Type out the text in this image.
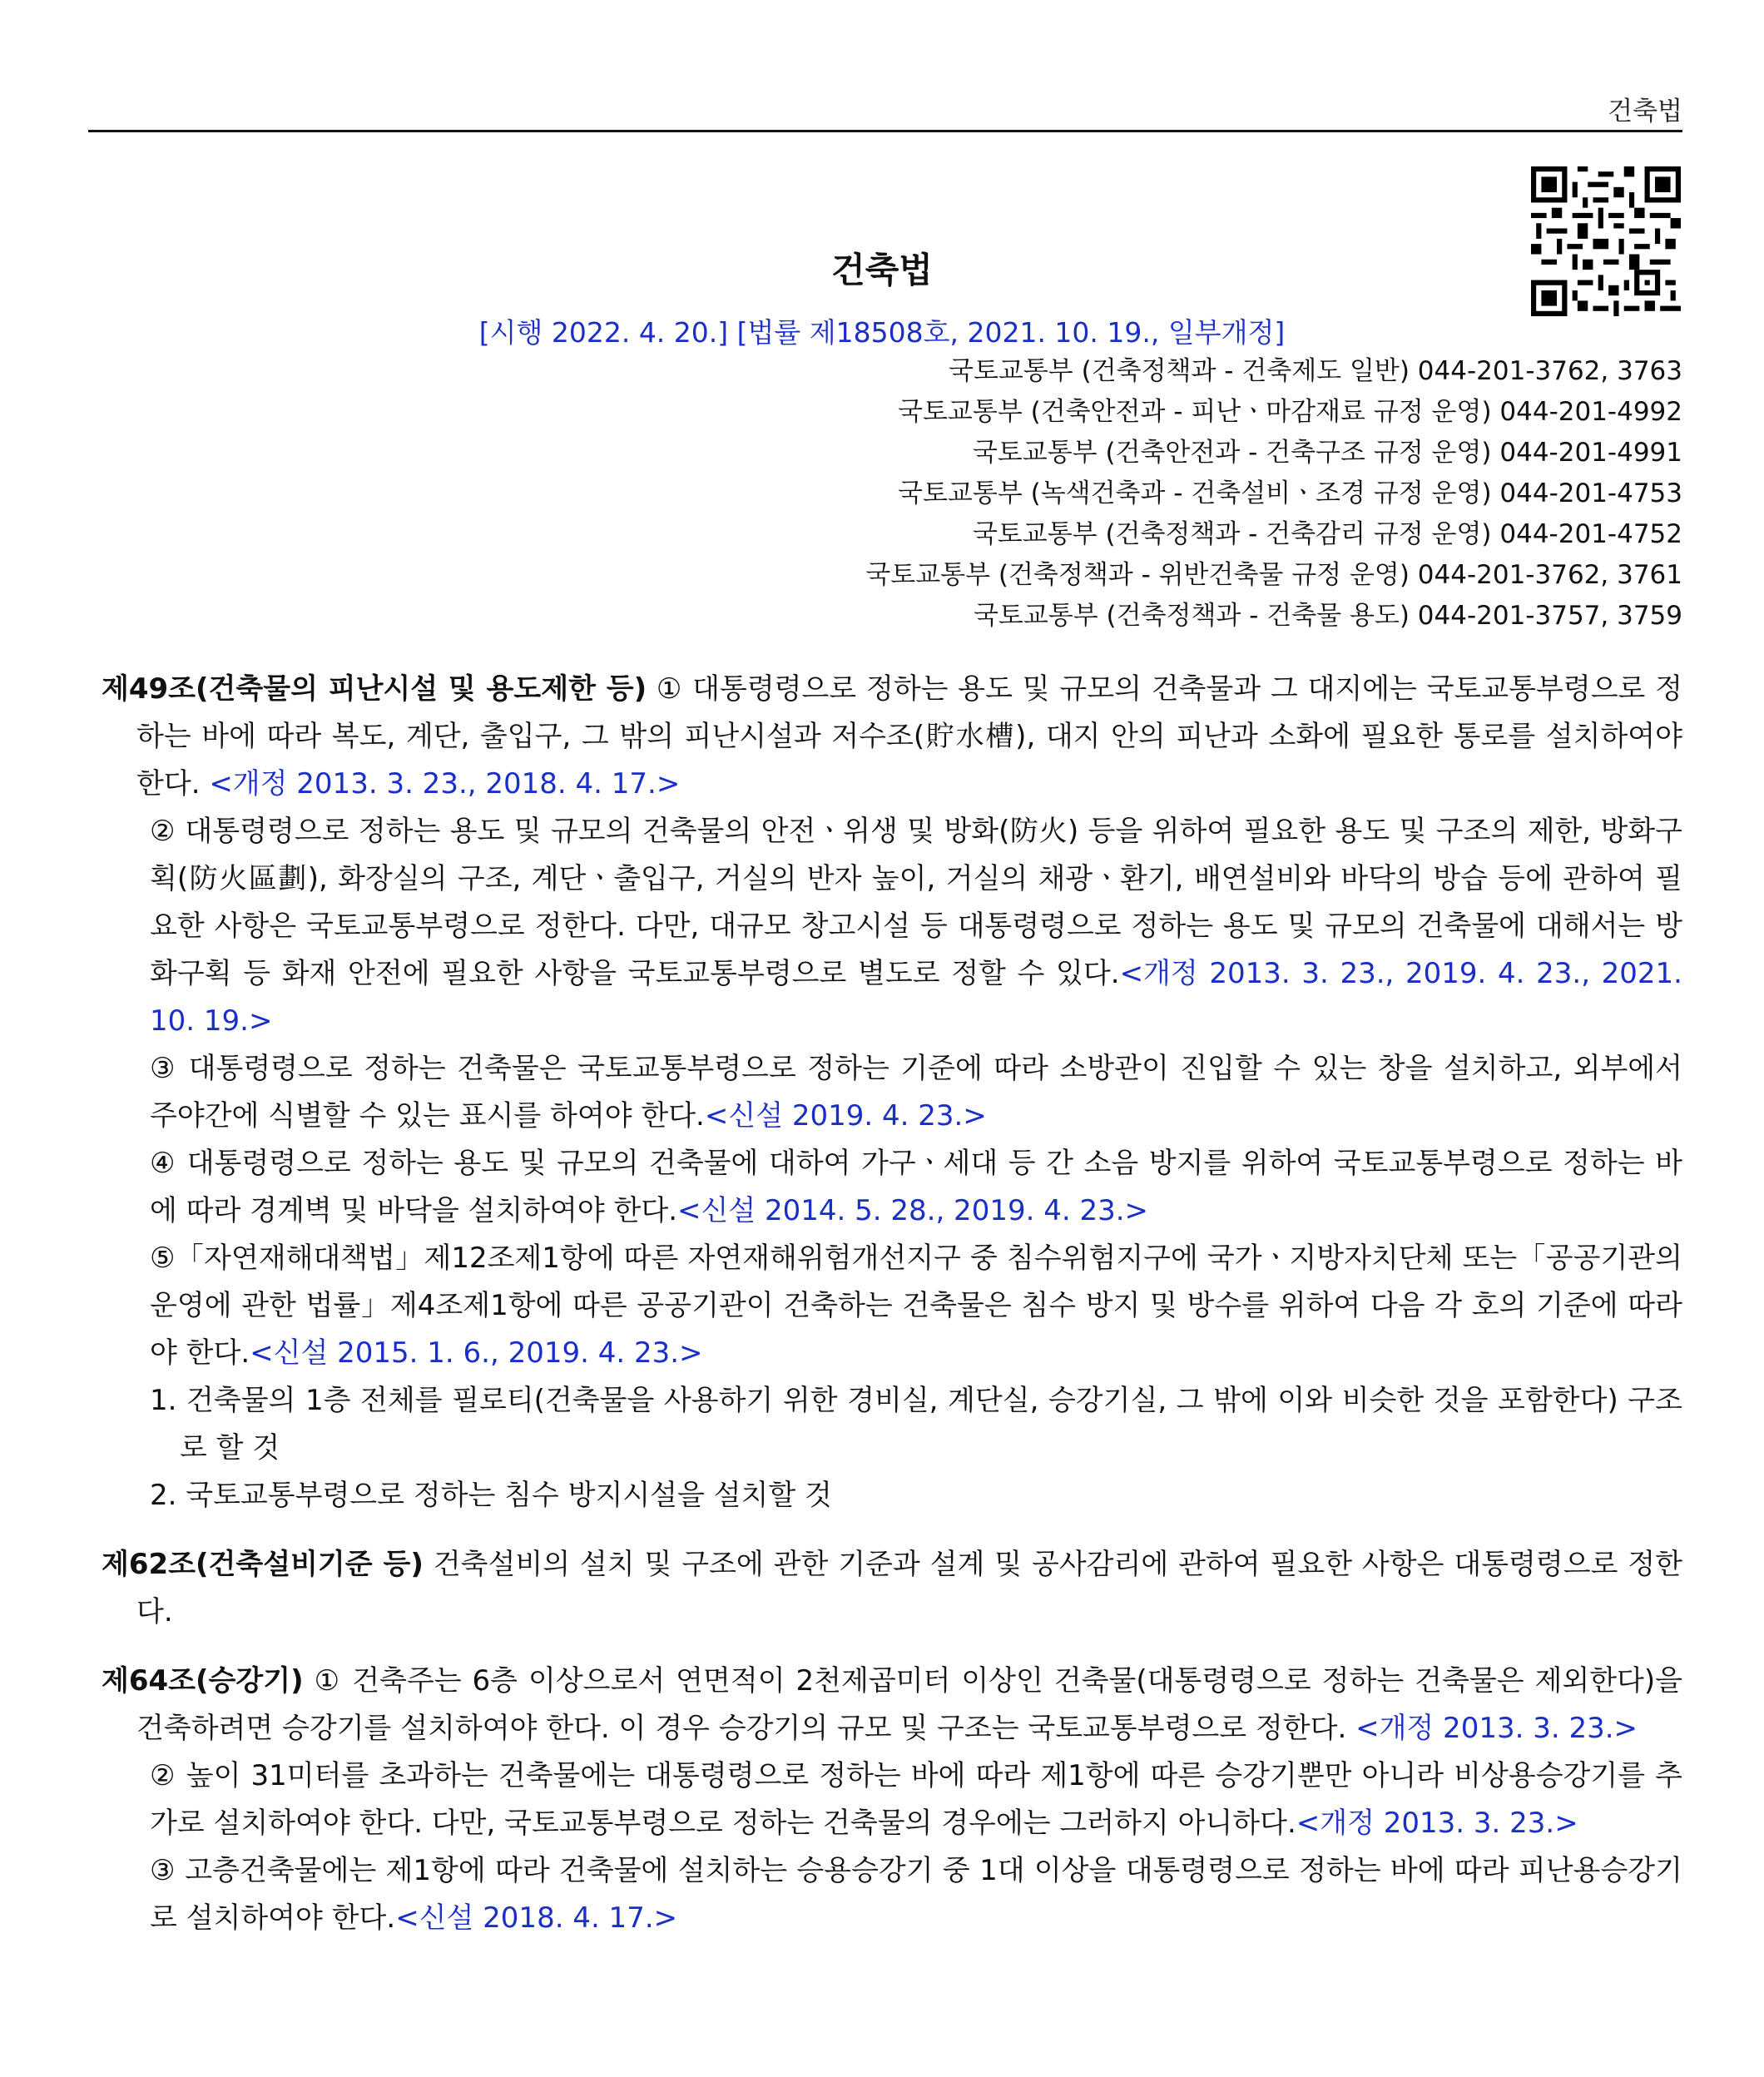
건축법
건축법
[시행 2022. 4. 20.] [법률 제18508호, 2021. 10. 19., 일부개정]
국토교통부 (건축정책과 - 건축제도 일반) 044-201-3762, 3763
국토교통부 (건축안전과 - 피난ㆍ마감재료 규정 운영) 044-201-4992
국토교통부 (건축안전과 - 건축구조 규정 운영) 044-201-4991
국토교통부 (녹색건축과 - 건축설비ㆍ조경 규정 운영) 044-201-4753
국토교통부 (건축정책과 - 건축감리 규정 운영) 044-201-4752
국토교통부 (건축정책과 - 위반건축물 규정 운영) 044-201-3762, 3761
국토교통부 (건축정책과 - 건축물 용도) 044-201-3757, 3759

제49조(건축물의 피난시설 및 용도제한 등) ① 대통령령으로 정하는 용도 및 규모의 건축물과 그 대지에는 국토교통부령으로 정하는 바에 따라 복도, 계단, 출입구, 그 밖의 피난시설과 저수조(貯水槽), 대지 안의 피난과 소화에 필요한 통로를 설치하여야 한다. <개정 2013. 3. 23., 2018. 4. 17.>

② 대통령령으로 정하는 용도 및 규모의 건축물의 안전ㆍ위생 및 방화(防火) 등을 위하여 필요한 용도 및 구조의 제한, 방화구획(防火區劃), 화장실의 구조, 계단ㆍ출입구, 거실의 반자 높이, 거실의 채광ㆍ환기, 배연설비와 바닥의 방습 등에 관하여 필요한 사항은 국토교통부령으로 정한다. 다만, 대규모 창고시설 등 대통령령으로 정하는 용도 및 규모의 건축물에 대해서는 방화구획 등 화재 안전에 필요한 사항을 국토교통부령으로 별도로 정할 수 있다.<개정 2013. 3. 23., 2019. 4. 23., 2021. 10. 19.>

③ 대통령령으로 정하는 건축물은 국토교통부령으로 정하는 기준에 따라 소방관이 진입할 수 있는 창을 설치하고, 외부에서 주야간에 식별할 수 있는 표시를 하여야 한다.<신설 2019. 4. 23.>

④ 대통령령으로 정하는 용도 및 규모의 건축물에 대하여 가구ㆍ세대 등 간 소음 방지를 위하여 국토교통부령으로 정하는 바에 따라 경계벽 및 바닥을 설치하여야 한다.<신설 2014. 5. 28., 2019. 4. 23.>

⑤「자연재해대책법」제12조제1항에 따른 자연재해위험개선지구 중 침수위험지구에 국가ㆍ지방자치단체 또는「공공기관의 운영에 관한 법률」제4조제1항에 따른 공공기관이 건축하는 건축물은 침수 방지 및 방수를 위하여 다음 각 호의 기준에 따라야 한다.<신설 2015. 1. 6., 2019. 4. 23.>

1. 건축물의 1층 전체를 필로티(건축물을 사용하기 위한 경비실, 계단실, 승강기실, 그 밖에 이와 비슷한 것을 포함한다) 구조로 할 것

2. 국토교통부령으로 정하는 침수 방지시설을 설치할 것

제62조(건축설비기준 등) 건축설비의 설치 및 구조에 관한 기준과 설계 및 공사감리에 관하여 필요한 사항은 대통령령으로 정한다.

제64조(승강기) ① 건축주는 6층 이상으로서 연면적이 2천제곱미터 이상인 건축물(대통령령으로 정하는 건축물은 제외한다)을 건축하려면 승강기를 설치하여야 한다. 이 경우 승강기의 규모 및 구조는 국토교통부령으로 정한다. <개정 2013. 3. 23.>

② 높이 31미터를 초과하는 건축물에는 대통령령으로 정하는 바에 따라 제1항에 따른 승강기뿐만 아니라 비상용승강기를 추가로 설치하여야 한다. 다만, 국토교통부령으로 정하는 건축물의 경우에는 그러하지 아니하다.<개정 2013. 3. 23.>

③ 고층건축물에는 제1항에 따라 건축물에 설치하는 승용승강기 중 1대 이상을 대통령령으로 정하는 바에 따라 피난용승강기로 설치하여야 한다.<신설 2018. 4. 17.>
